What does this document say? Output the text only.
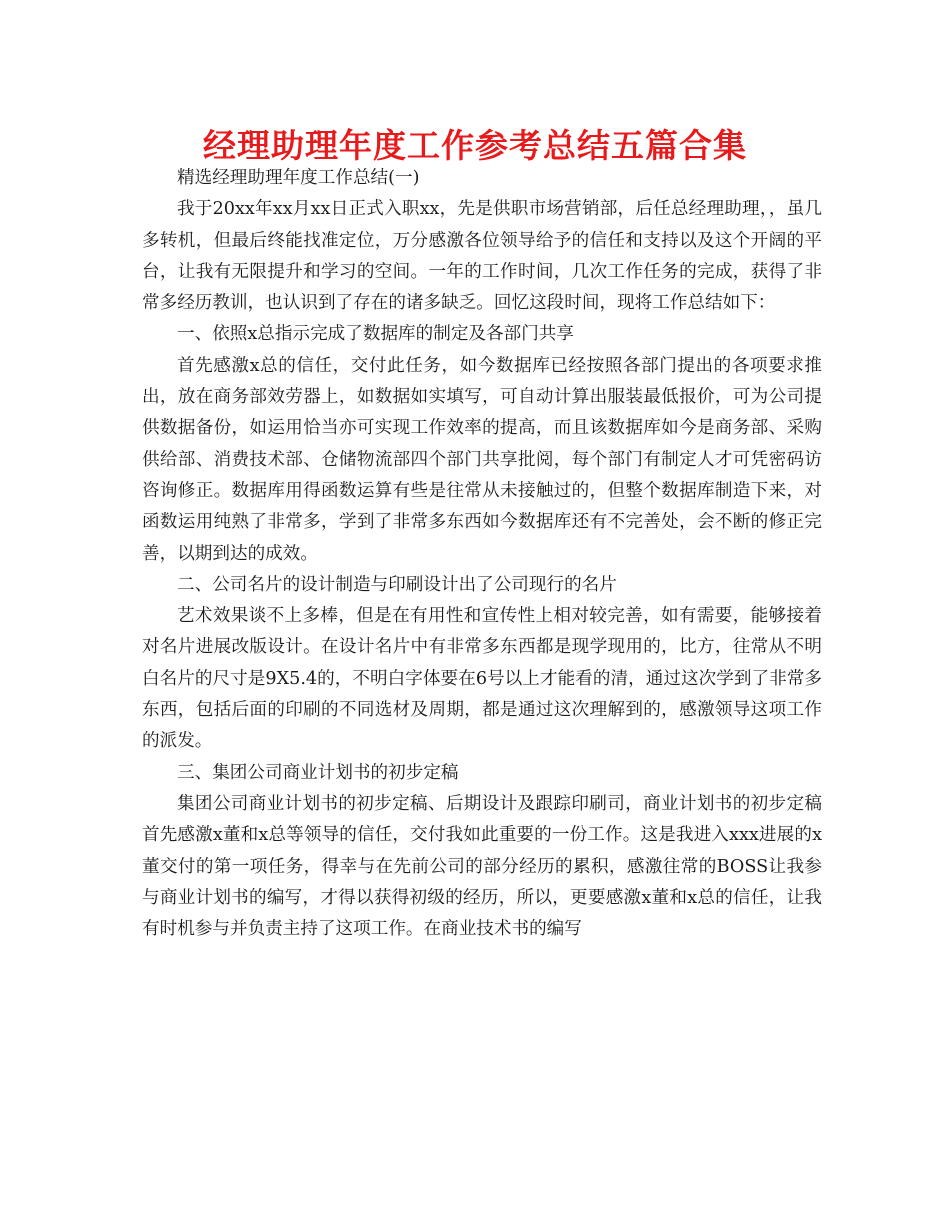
经理助理年度工作参考总结五篇合集

精选经理助理年度工作总结(一)

我于20xx年xx月xx日正式入职xx，先是供职市场营销部，后任总经理助理，，虽几多转机，但最后终能找准定位，万分感激各位领导给予的信任和支持以及这个开阔的平台，让我有无限提升和学习的空间。一年的工作时间，几次工作任务的完成，获得了非常多经历教训，也认识到了存在的诸多缺乏。回忆这段时间，现将工作总结如下：

一、依照x总指示完成了数据库的制定及各部门共享

首先感激x总的信任，交付此任务，如今数据库已经按照各部门提出的各项要求推出，放在商务部效劳器上，如数据如实填写，可自动计算出服装最低报价，可为公司提供数据备份，如运用恰当亦可实现工作效率的提高，而且该数据库如今是商务部、采购供给部、消费技术部、仓储物流部四个部门共享批阅，每个部门有制定人才可凭密码访咨询修正。数据库用得函数运算有些是往常从未接触过的，但整个数据库制造下来，对函数运用纯熟了非常多，学到了非常多东西如今数据库还有不完善处，会不断的修正完善，以期到达的成效。

二、公司名片的设计制造与印刷设计出了公司现行的名片

艺术效果谈不上多棒，但是在有用性和宣传性上相对较完善，如有需要，能够接着对名片进展改版设计。在设计名片中有非常多东西都是现学现用的，比方，往常从不明白名片的尺寸是9X5.4的，不明白字体要在6号以上才能看的清，通过这次学到了非常多东西，包括后面的印刷的不同选材及周期，都是通过这次理解到的，感激领导这项工作的派发。

三、集团公司商业计划书的初步定稿

集团公司商业计划书的初步定稿、后期设计及跟踪印刷司，商业计划书的初步定稿首先感激x董和x总等领导的信任，交付我如此重要的一份工作。这是我进入xxx进展的x董交付的第一项任务，得幸与在先前公司的部分经历的累积，感激往常的BOSS让我参与商业计划书的编写，才得以获得初级的经历，所以，更要感激x董和x总的信任，让我有时机参与并负责主持了这项工作。在商业技术书的编写
